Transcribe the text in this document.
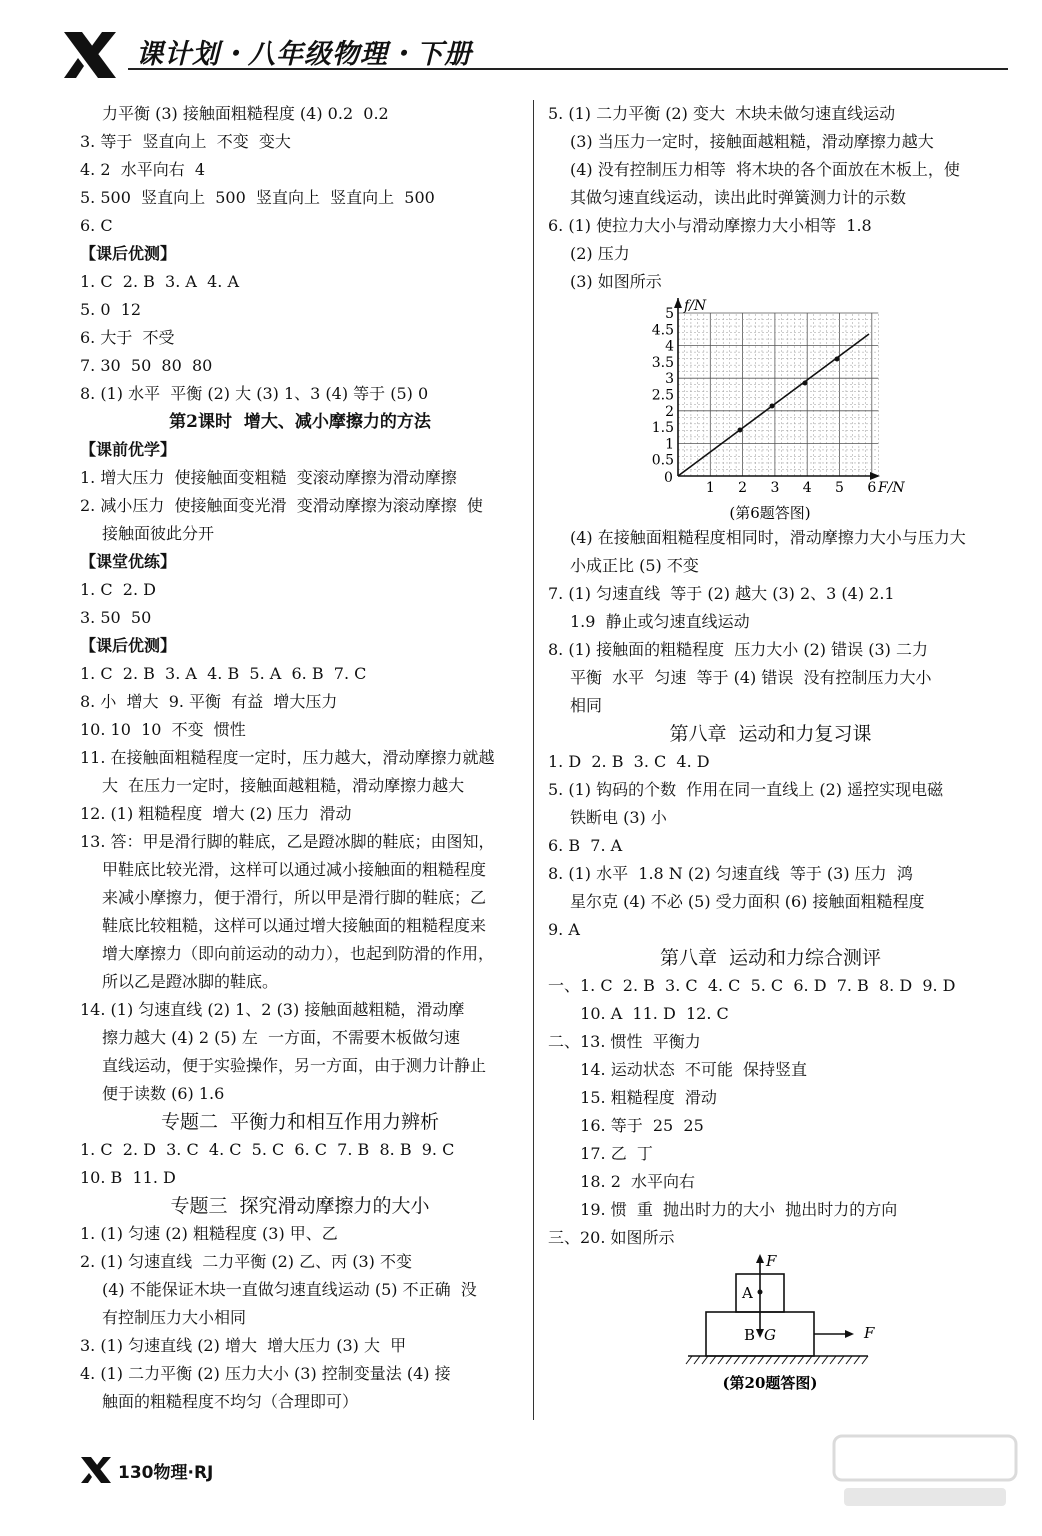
课计划・八年级物理・下册
力平衡 (3) 接触面粗糙程度 (4) 0.2  0.2
3. 等于  竖直向上  不变  变大
4. 2  水平向右  4
5. 500  竖直向上  500  竖直向上  竖直向上  500
6. C
【课后优测】
1. C  2. B  3. A  4. A
5. 0  12
6. 大于  不受
7. 30  50  80  80
8. (1) 水平  平衡 (2) 大 (3) 1、3 (4) 等于 (5) 0
第2课时  增大、减小摩擦力的方法
【课前优学】
1. 增大压力  使接触面变粗糙  变滚动摩擦为滑动摩擦
2. 减小压力  使接触面变光滑  变滑动摩擦为滚动摩擦  使
接触面彼此分开
【课堂优练】
1. C  2. D
3. 50  50
【课后优测】
1. C  2. B  3. A  4. B  5. A  6. B  7. C
8. 小  增大  9. 平衡  有益  增大压力
10. 10  10  不变  惯性
11. 在接触面粗糙程度一定时，压力越大，滑动摩擦力就越
大  在压力一定时，接触面越粗糙，滑动摩擦力越大
12. (1) 粗糙程度  增大 (2) 压力  滑动
13. 答：甲是滑行脚的鞋底，乙是蹬冰脚的鞋底；由图知，
甲鞋底比较光滑，这样可以通过减小接触面的粗糙程度
来减小摩擦力，便于滑行，所以甲是滑行脚的鞋底；乙
鞋底比较粗糙，这样可以通过增大接触面的粗糙程度来
增大摩擦力（即向前运动的动力），也起到防滑的作用，
所以乙是蹬冰脚的鞋底。
14. (1) 匀速直线 (2) 1、2 (3) 接触面越粗糙，滑动摩
擦力越大 (4) 2 (5) 左  一方面，不需要木板做匀速
直线运动，便于实验操作，另一方面，由于测力计静止
便于读数 (6) 1.6
专题二  平衡力和相互作用力辨析
1. C  2. D  3. C  4. C  5. C  6. C  7. B  8. B  9. C
10. B  11. D
专题三  探究滑动摩擦力的大小
1. (1) 匀速 (2) 粗糙程度 (3) 甲、乙
2. (1) 匀速直线  二力平衡 (2) 乙、丙 (3) 不变
(4) 不能保证木块一直做匀速直线运动 (5) 不正确  没
有控制压力大小相同
3. (1) 匀速直线 (2) 增大  增大压力 (3) 大  甲
4. (1) 二力平衡 (2) 压力大小 (3) 控制变量法 (4) 接
触面的粗糙程度不均匀（合理即可）
5. (1) 二力平衡 (2) 变大  木块未做匀速直线运动
(3) 当压力一定时，接触面越粗糙，滑动摩擦力越大
(4) 没有控制压力相等  将木块的各个面放在木板上，使
其做匀速直线运动，读出此时弹簧测力计的示数
6. (1) 使拉力大小与滑动摩擦力大小相等  1.8
(2) 压力
(3) 如图所示
f/N
F/N
0
0.5
1
1.5
2
2.5
3
3.5
4
4.5
5
1 2 3 4 5 6
(第6题答图)
(4) 在接触面粗糙程度相同时，滑动摩擦力大小与压力大
小成正比 (5) 不变
7. (1) 匀速直线  等于 (2) 越大 (3) 2、3 (4) 2.1
1.9  静止或匀速直线运动
8. (1) 接触面的粗糙程度  压力大小 (2) 错误 (3) 二力
平衡  水平  匀速  等于 (4) 错误  没有控制压力大小
相同
第八章  运动和力复习课
1. D  2. B  3. C  4. D
5. (1) 钩码的个数  作用在同一直线上 (2) 遥控实现电磁
铁断电 (3) 小
6. B  7. A
8. (1) 水平  1.8 N (2) 匀速直线  等于 (3) 压力  鸿
星尔克 (4) 不必 (5) 受力面积 (6) 接触面粗糙程度
9. A
第八章  运动和力综合测评
一、1. C  2. B  3. C  4. C  5. C  6. D  7. B  8. D  9. D
10. A  11. D  12. C
二、13. 惯性  平衡力
14. 运动状态  不可能  保持竖直
15. 粗糙程度  滑动
16. 等于  25  25
17. 乙  丁
18. 2  水平向右
19. 惯  重  抛出时力的大小  抛出时力的方向
三、20. 如图所示
A
B G
F
F
(第20题答图)
130物理·RJ
